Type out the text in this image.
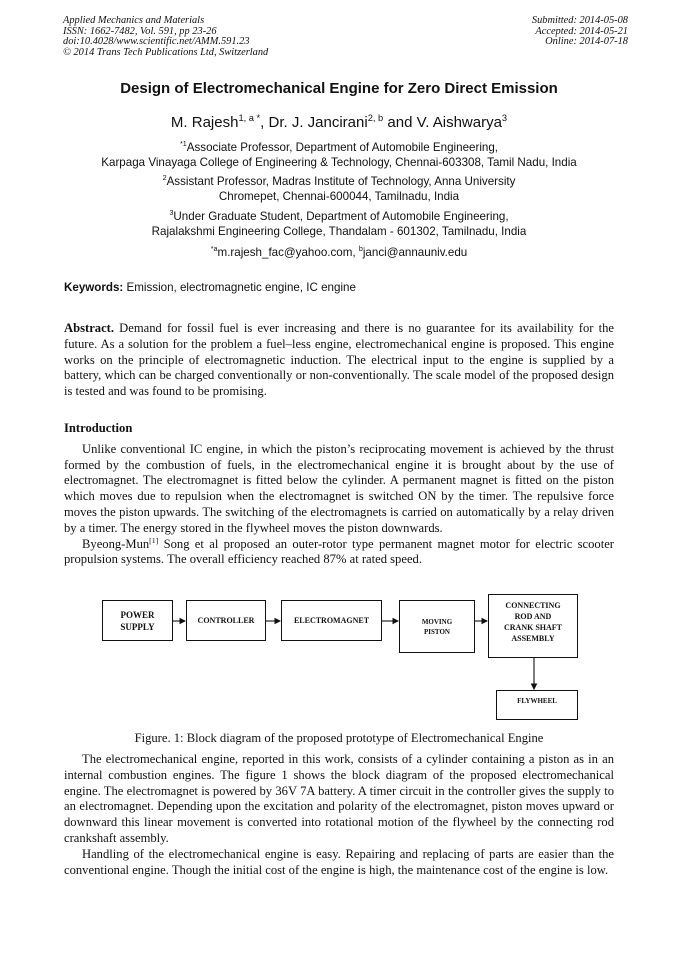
Applied Mechanics and Materials
ISSN: 1662-7482, Vol. 591, pp 23-26
doi:10.4028/www.scientific.net/AMM.591.23
© 2014 Trans Tech Publications Ltd, Switzerland
Submitted: 2014-05-08
Accepted: 2014-05-21
Online: 2014-07-18
Design of Electromechanical Engine for Zero Direct Emission
M. Rajesh$^{1, a *}$, Dr. J. Jancirani$^{2, b}$ and V. Aishwarya$^3$
$^{*1}$Associate Professor, Department of Automobile Engineering,
Karpaga Vinayaga College of Engineering & Technology, Chennai-603308, Tamil Nadu, India
$^2$Assistant Professor, Madras Institute of Technology, Anna University
Chromepet, Chennai-600044, Tamilnadu, India
$^3$Under Graduate Student, Department of Automobile Engineering,
Rajalakshmi Engineering College, Thandalam - 601302, Tamilnadu, India
$^{*a}$m.rajesh_fac@yahoo.com, $^b$janci@annauniv.edu
Keywords: Emission, electromagnetic engine, IC engine

Abstract. Demand for fossil fuel is ever increasing and there is no guarantee for its availability for the future. As a solution for the problem a fuel–less engine, electromechanical engine is proposed. This engine works on the principle of electromagnetic induction. The electrical input to the engine is supplied by a battery, which can be charged conventionally or non-conventionally. The scale model of the proposed design is tested and was found to be promising.

Introduction

Unlike conventional IC engine, in which the piston’s reciprocating movement is achieved by the thrust formed by the combustion of fuels, in the electromechanical engine it is brought about by the use of electromagnet. The electromagnet is fitted below the cylinder. A permanent magnet is fitted on the piston which moves due to repulsion when the electromagnet is switched ON by the timer. The repulsive force moves the piston upwards. The switching of the electromagnets is carried on automatically by a relay driven by a timer. The energy stored in the flywheel moves the piston downwards.

Byeong-Mun[1] Song et al proposed an outer-rotor type permanent magnet motor for electric scooter propulsion systems. The overall efficiency reached 87% at rated speed.

POWER
SUPPLY
CONTROLLER	ELECTROMAGNET	MOVING
PISTON
CONNECTING
ROD AND
CRANK SHAFT
ASSEMBLY
FLYWHEEL
Figure. 1: Block diagram of the proposed prototype of Electromechanical Engine

The electromechanical engine, reported in this work, consists of a cylinder containing a piston as in an internal combustion engines. The figure 1 shows the block diagram of the proposed electromechanical engine. The electromagnet is powered by 36V 7A battery. A timer circuit in the controller gives the supply to an electromagnet. Depending upon the excitation and polarity of the electromagnet, piston moves upward or downward this linear movement is converted into rotational motion of the flywheel by the connecting rod crankshaft assembly.

Handling of the electromechanical engine is easy. Repairing and replacing of parts are easier than the conventional engine. Though the initial cost of the engine is high, the maintenance cost of the engine is low.
